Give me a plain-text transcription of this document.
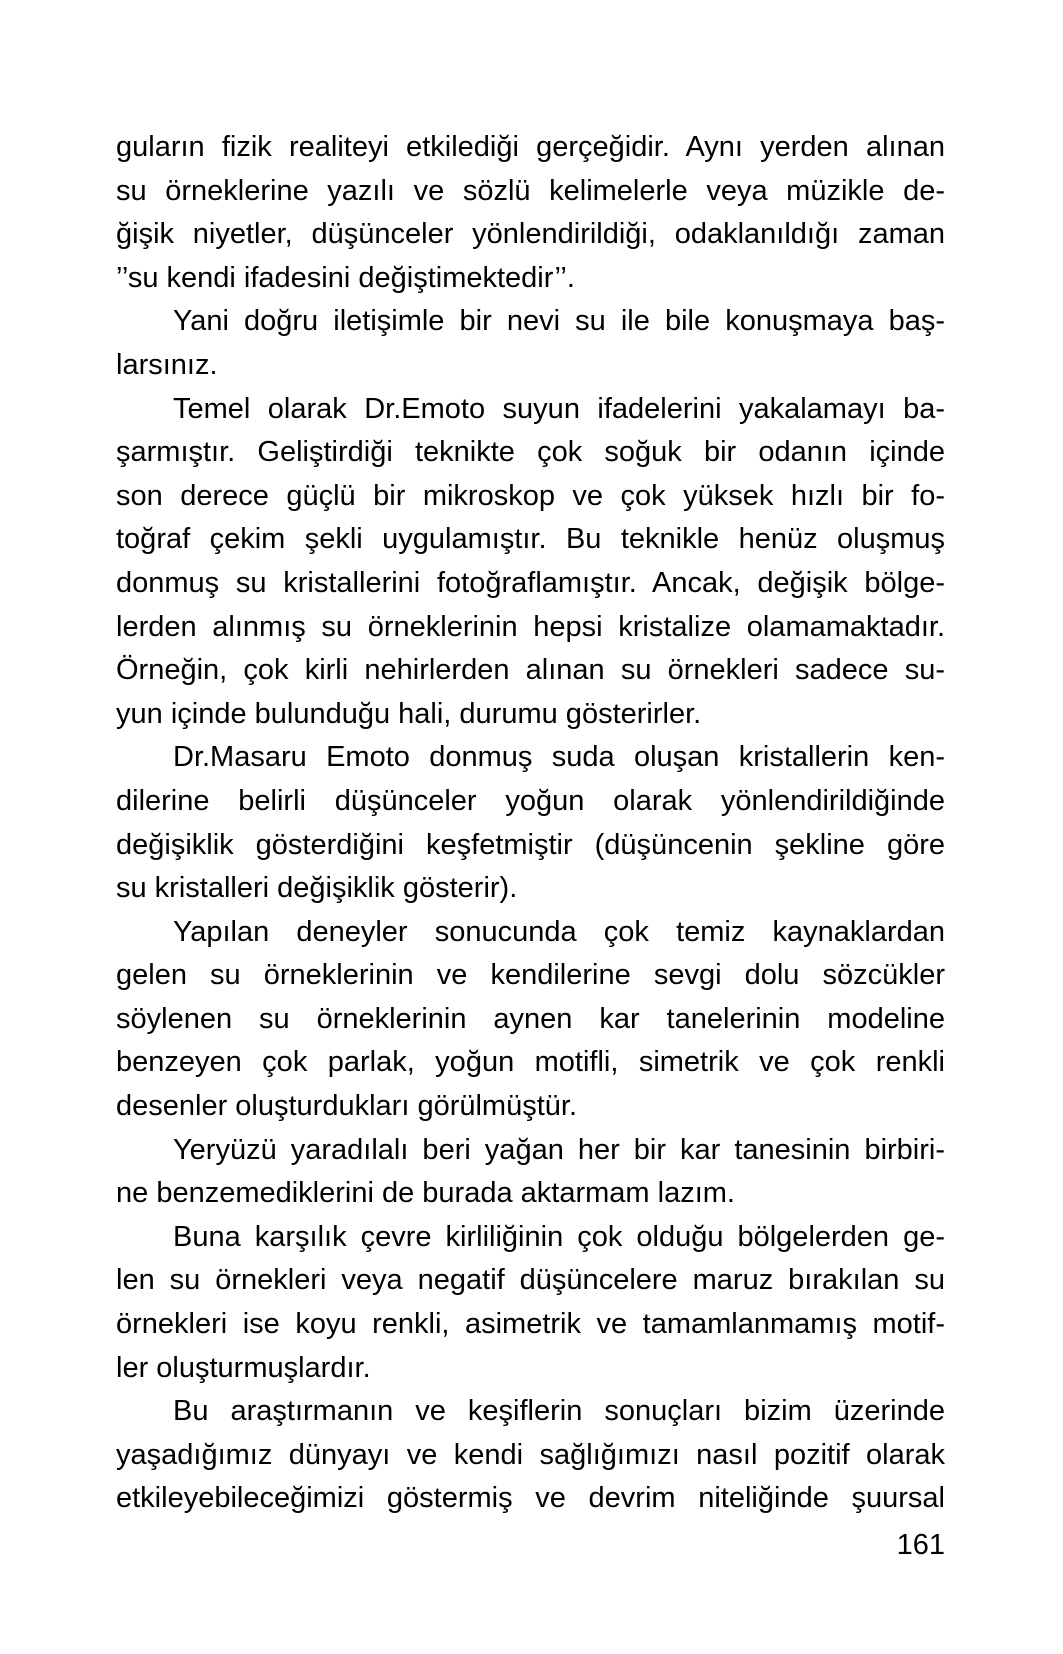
guların fizik realiteyi etkilediği gerçeğidir. Aynı yerden alınan
su örneklerine yazılı ve sözlü kelimelerle veya müzikle de-
ğişik niyetler, düşünceler yönlendirildiği, odaklanıldığı zaman
’’su kendi ifadesini değiştimektedir’’.
Yani doğru iletişimle bir nevi su ile bile konuşmaya baş-
larsınız.
Temel olarak Dr.Emoto suyun ifadelerini yakalamayı ba-
şarmıştır. Geliştirdiği teknikte çok soğuk bir odanın içinde
son derece güçlü bir mikroskop ve çok yüksek hızlı bir fo-
toğraf çekim şekli uygulamıştır. Bu teknikle henüz oluşmuş
donmuş su kristallerini fotoğraflamıştır. Ancak, değişik bölge-
lerden alınmış su örneklerinin hepsi kristalize olamamaktadır.
Örneğin, çok kirli nehirlerden alınan su örnekleri sadece su-
yun içinde bulunduğu hali, durumu gösterirler.
Dr.Masaru Emoto donmuş suda oluşan kristallerin ken-
dilerine belirli düşünceler yoğun olarak yönlendirildiğinde
değişiklik gösterdiğini keşfetmiştir (düşüncenin şekline göre
su kristalleri değişiklik gösterir).
Yapılan deneyler sonucunda çok temiz kaynaklardan
gelen su örneklerinin ve kendilerine sevgi dolu sözcükler
söylenen su örneklerinin aynen kar tanelerinin modeline
benzeyen çok parlak, yoğun motifli, simetrik ve çok renkli
desenler oluşturdukları görülmüştür.
Yeryüzü yaradılalı beri yağan her bir kar tanesinin birbiri-
ne benzemediklerini de burada aktarmam lazım.
Buna karşılık çevre kirliliğinin çok olduğu bölgelerden ge-
len su örnekleri veya negatif düşüncelere maruz bırakılan su
örnekleri ise koyu renkli, asimetrik ve tamamlanmamış motif-
ler oluşturmuşlardır.
Bu araştırmanın ve keşiflerin sonuçları bizim üzerinde
yaşadığımız dünyayı ve kendi sağlığımızı nasıl pozitif olarak
etkileyebileceğimizi göstermiş ve devrim niteliğinde şuursal
161
